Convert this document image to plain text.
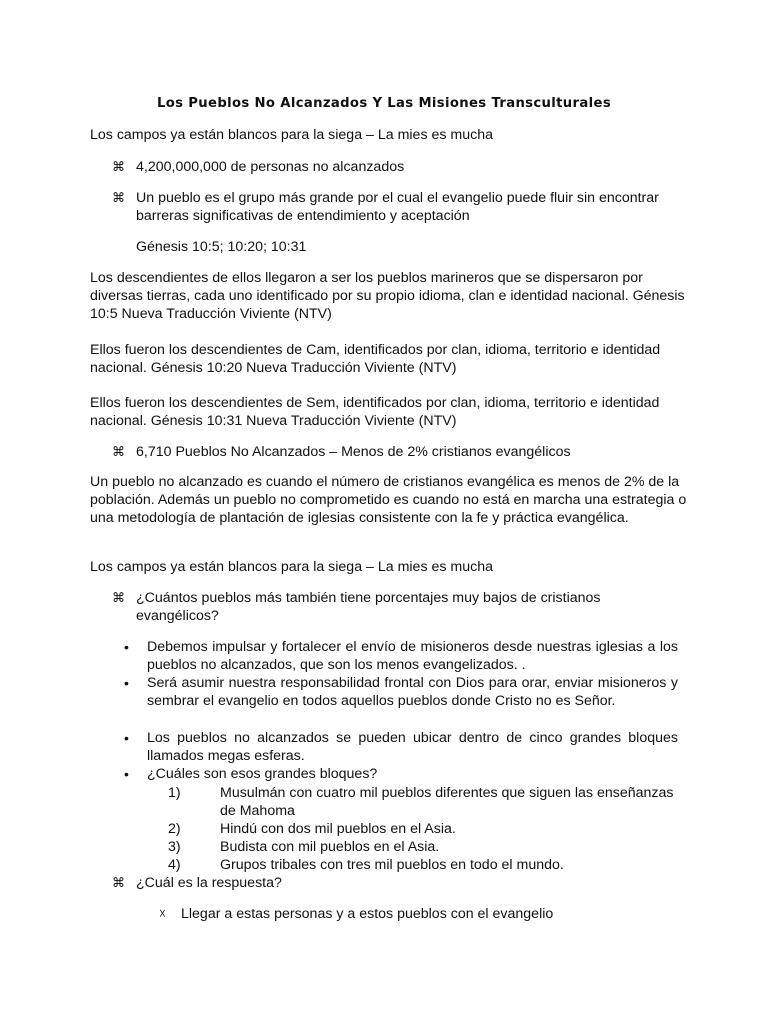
Los Pueblos No Alcanzados Y Las Misiones Transculturales

Los campos ya están blancos para la siega – La mies es mucha

⌘ 4,200,000,000 de personas no alcanzados
⌘ Un pueblo es el grupo más grande por el cual el evangelio puede fluir sin encontrar barreras significativas de entendimiento y aceptación

Génesis 10:5; 10:20; 10:31

Los descendientes de ellos llegaron a ser los pueblos marineros que se dispersaron por diversas tierras, cada uno identificado por su propio idioma, clan e identidad nacional. Génesis 10:5 Nueva Traducción Viviente (NTV)

Ellos fueron los descendientes de Cam, identificados por clan, idioma, territorio e identidad nacional. Génesis 10:20 Nueva Traducción Viviente (NTV)

Ellos fueron los descendientes de Sem, identificados por clan, idioma, territorio e identidad nacional. Génesis 10:31 Nueva Traducción Viviente (NTV)

⌘ 6,710 Pueblos No Alcanzados – Menos de 2% cristianos evangélicos

Un pueblo no alcanzado es cuando el número de cristianos evangélica es menos de 2% de la población. Además un pueblo no comprometido es cuando no está en marcha una estrategia o una metodología de plantación de iglesias consistente con la fe y práctica evangélica.

Los campos ya están blancos para la siega – La mies es mucha

⌘ ¿Cuántos pueblos más también tiene porcentajes muy bajos de cristianos evangélicos?
•	Debemos impulsar y fortalecer el envío de misioneros desde nuestras iglesias a los pueblos no alcanzados, que son los menos evangelizados. .
•	Será asumir nuestra responsabilidad frontal con Dios para orar, enviar misioneros y sembrar el evangelio en todos aquellos pueblos donde Cristo no es Señor.
•	Los pueblos no alcanzados se pueden ubicar dentro de cinco grandes bloques llamados megas esferas.
•	¿Cuáles son esos grandes bloques?
1)	Musulmán con cuatro mil pueblos diferentes que siguen las enseñanzas de Mahoma
2)	Hindú con dos mil pueblos en el Asia.
3)	Budista con mil pueblos en el Asia.
4)	Grupos tribales con tres mil pueblos en todo el mundo.
⌘ ¿Cuál es la respuesta?
☓	Llegar a estas personas y a estos pueblos con el evangelio
